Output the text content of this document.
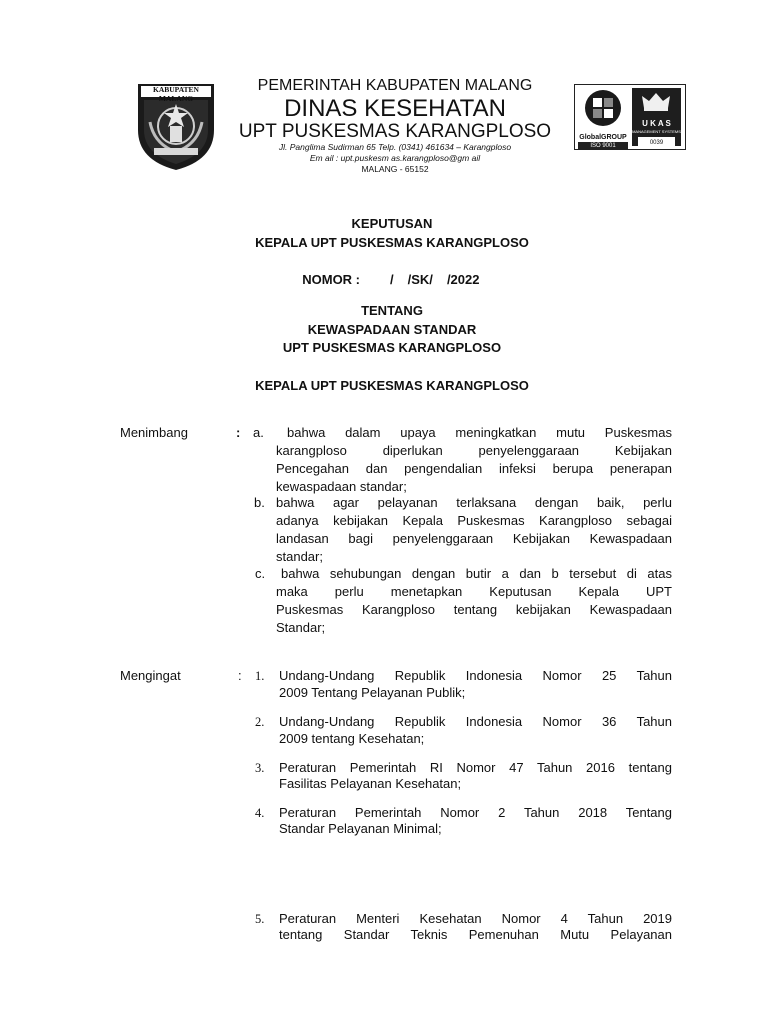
KABUPATEN MALANG
PEMERINTAH KABUPATEN MALANG
DINAS KESEHATAN
UPT PUSKESMAS KARANGPLOSO
Jl. Panglima Sudirman 65 Telp. (0341) 461634 – Karangploso
Em ail : upt.puskesm as.karangploso@gm ail
MALANG - 65152
GlobalGROUP
ISO 9001
U K A S
MANAGEMENT SYSTEMS
0039
KEPUTUSAN
KEPALA UPT PUSKESMAS KARANGPLOSO

NOMOR : / /SK/ /2022

TENTANG
KEWASPADAAN STANDAR
UPT PUSKESMAS KARANGPLOSO
KEPALA UPT PUSKESMAS KARANGPLOSO
Menimbang	: a. bahwa dalam upaya meningkatkan mutu Puskesmas
karangploso diperlukan penyelenggaraan Kebijakan
Pencegahan dan pengendalian infeksi berupa penerapan
kewaspadaan standar;
b. bahwa agar pelayanan terlaksana dengan baik, perlu
adanya kebijakan Kepala Puskesmas Karangploso sebagai
landasan bagi penyelenggaraan Kebijakan Kewaspadaan
standar;
c. bahwa sehubungan dengan butir a dan b tersebut di atas
maka perlu menetapkan Keputusan Kepala UPT
Puskesmas Karangploso tentang kebijakan Kewaspadaan
Standar;
Mengingat	: 1. Undang-Undang Republik Indonesia Nomor 25 Tahun
2009 Tentang Pelayanan Publik;
2. Undang-Undang Republik Indonesia Nomor 36 Tahun
2009 tentang Kesehatan;
3. Peraturan Pemerintah RI Nomor 47 Tahun 2016 tentang
Fasilitas Pelayanan Kesehatan;
4. Peraturan Pemerintah Nomor 2 Tahun 2018 Tentang
Standar Pelayanan Minimal;
5. Peraturan Menteri Kesehatan Nomor 4 Tahun 2019
tentang Standar Teknis Pemenuhan Mutu Pelayanan
